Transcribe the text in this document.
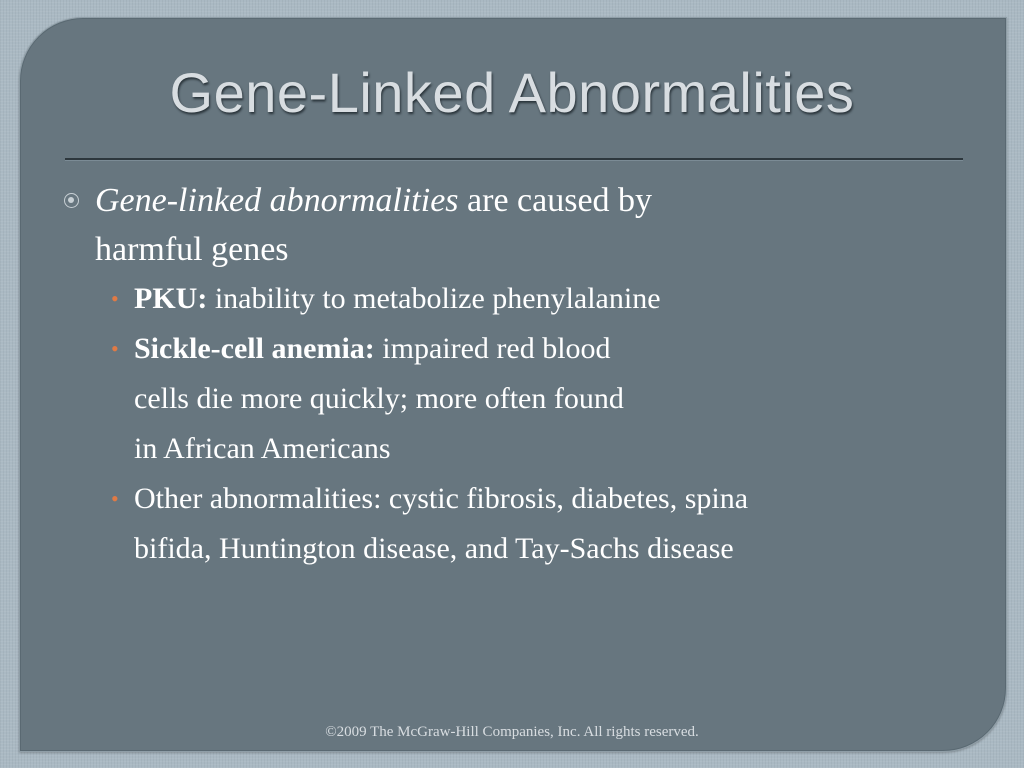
Gene-Linked Abnormalities
Gene-linked abnormalities are caused by
harmful genes
• PKU: inability to metabolize phenylalanine
• Sickle-cell anemia: impaired red blood
cells die more quickly; more often found
in African Americans
• Other abnormalities: cystic fibrosis, diabetes, spina
bifida, Huntington disease, and Tay-Sachs disease
©2009 The McGraw-Hill Companies, Inc. All rights reserved.
